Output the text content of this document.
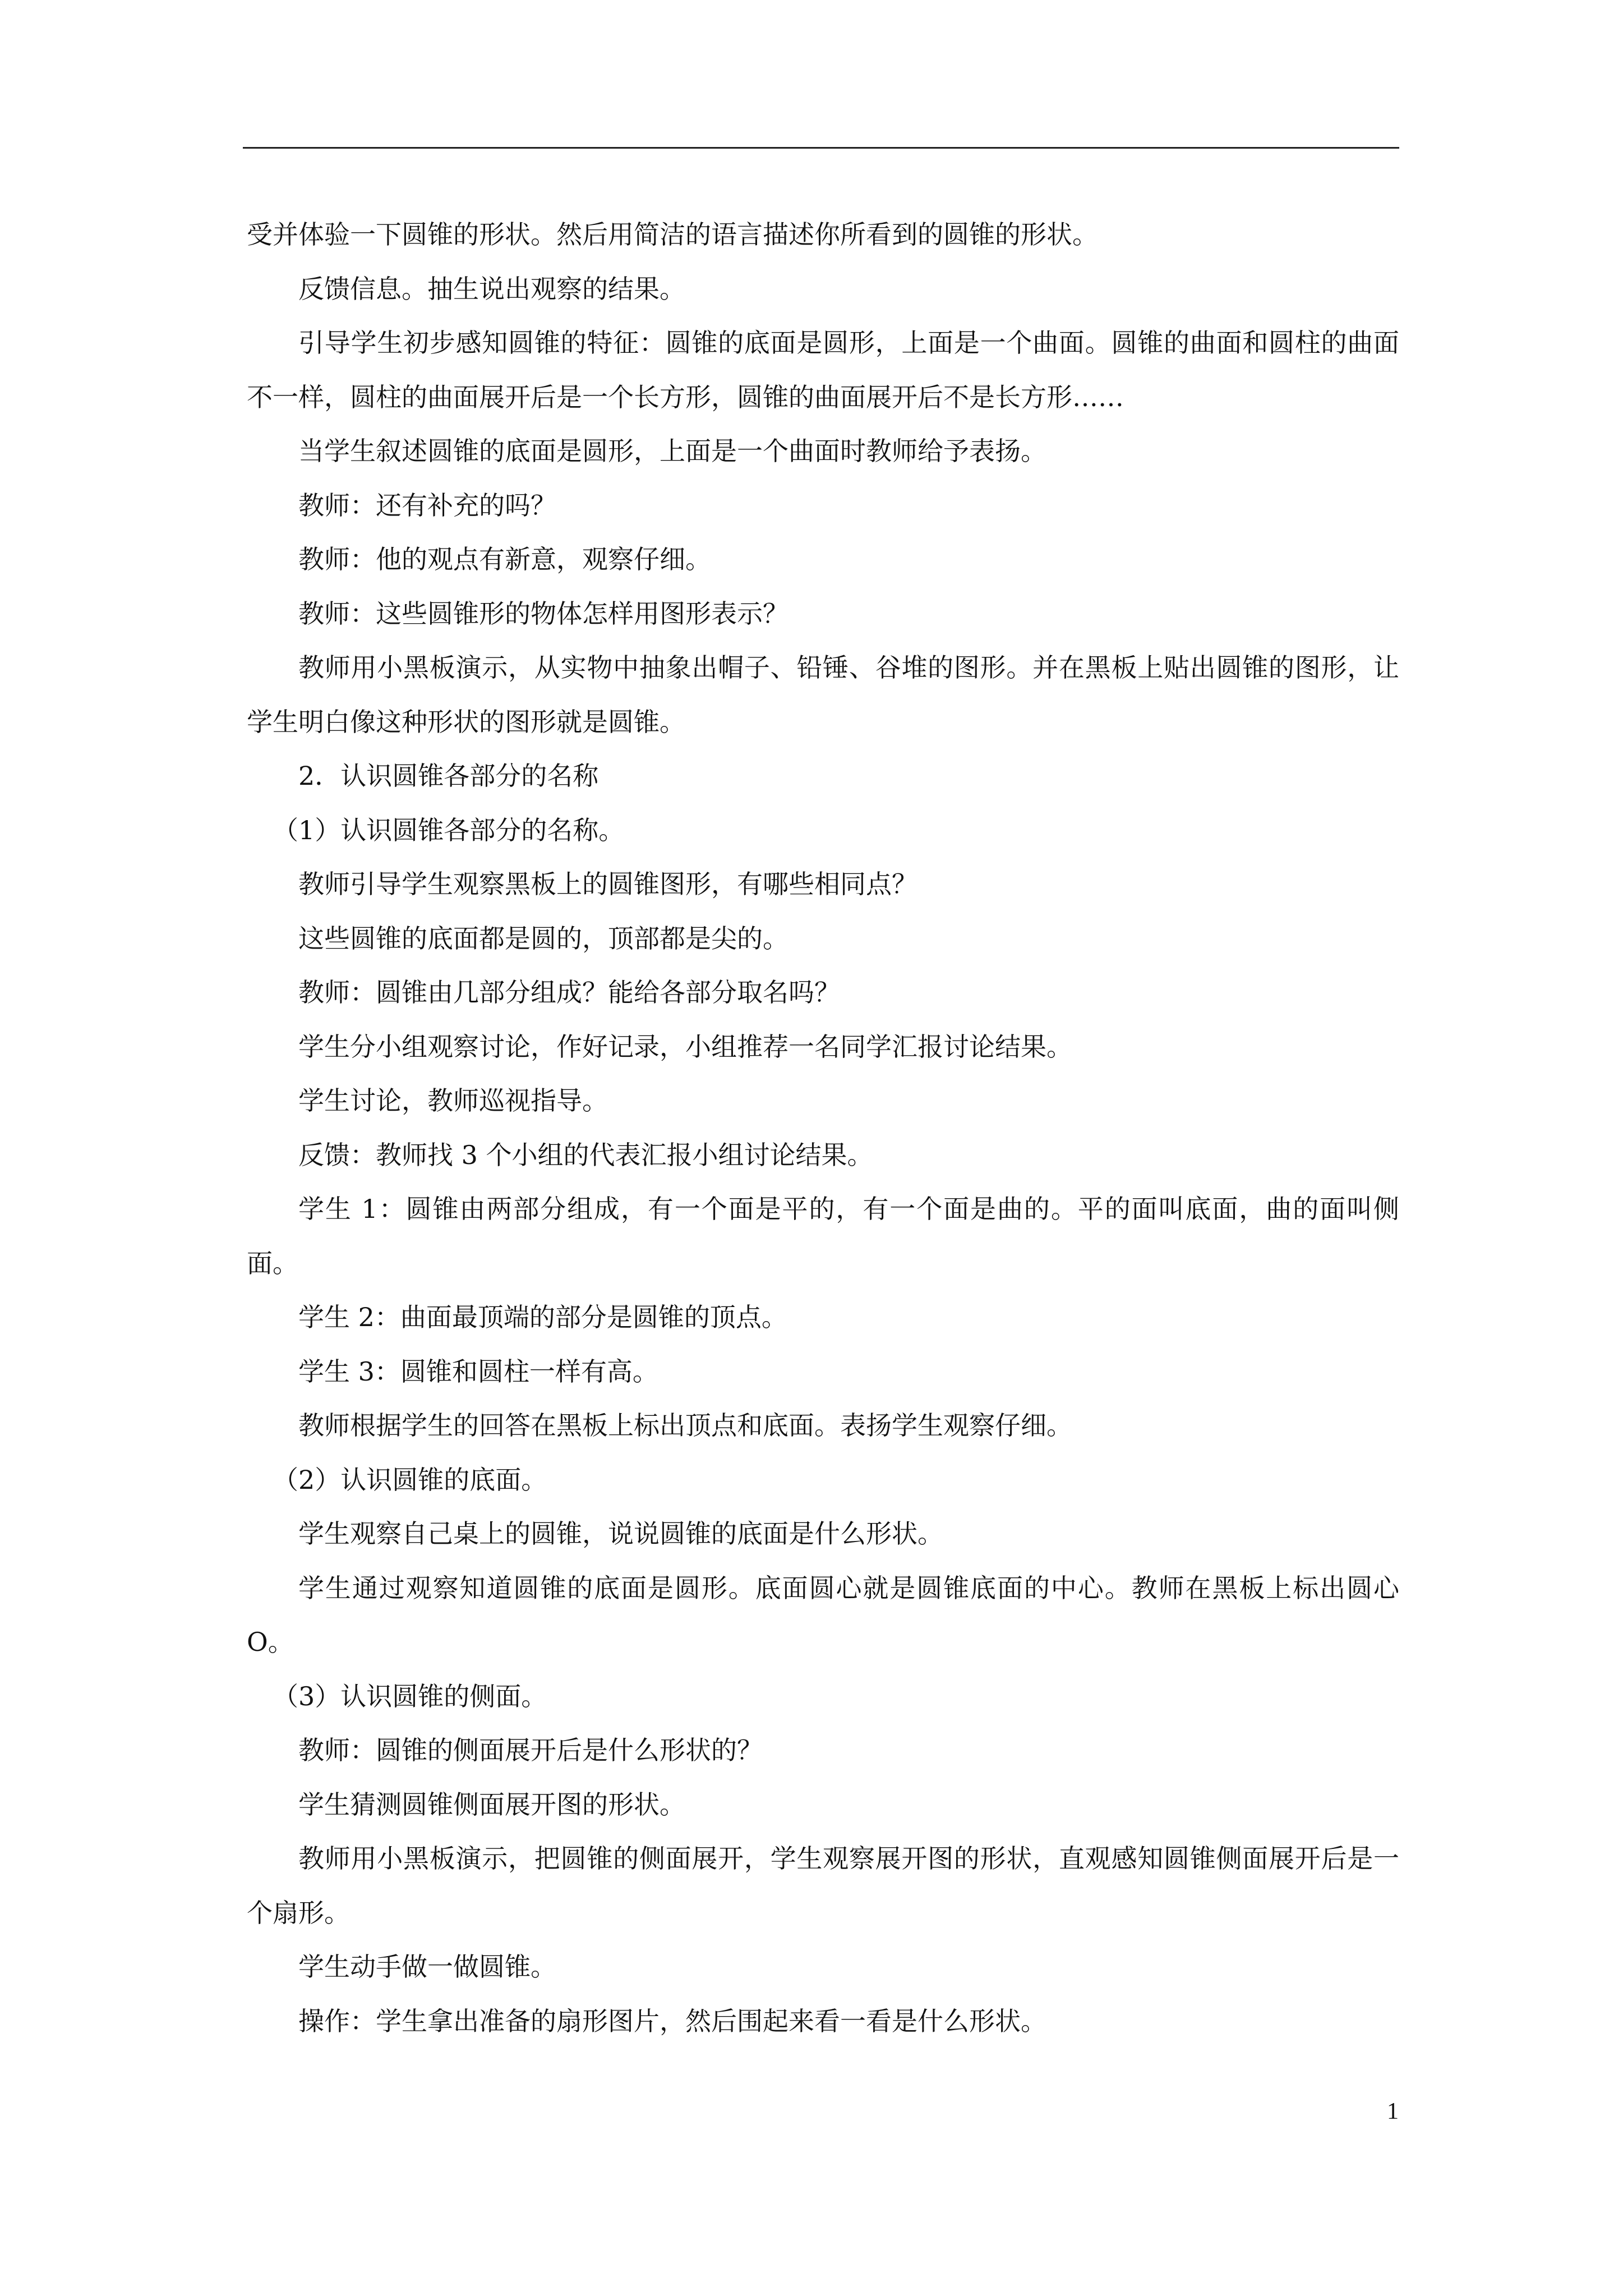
受并体验一下圆锥的形状。然后用简洁的语言描述你所看到的圆锥的形状。

反馈信息。抽生说出观察的结果。

引导学生初步感知圆锥的特征：圆锥的底面是圆形，上面是一个曲面。圆锥的曲面和圆柱的曲面不一样，圆柱的曲面展开后是一个长方形，圆锥的曲面展开后不是长方形……

当学生叙述圆锥的底面是圆形，上面是一个曲面时教师给予表扬。

教师：还有补充的吗？

教师：他的观点有新意，观察仔细。

教师：这些圆锥形的物体怎样用图形表示？

教师用小黑板演示，从实物中抽象出帽子、铅锤、谷堆的图形。并在黑板上贴出圆锥的图形，让学生明白像这种形状的图形就是圆锥。

2．认识圆锥各部分的名称

（1）认识圆锥各部分的名称。

教师引导学生观察黑板上的圆锥图形，有哪些相同点？

这些圆锥的底面都是圆的，顶部都是尖的。

教师：圆锥由几部分组成？能给各部分取名吗？

学生分小组观察讨论，作好记录，小组推荐一名同学汇报讨论结果。

学生讨论，教师巡视指导。

反馈：教师找 3 个小组的代表汇报小组讨论结果。

学生 1：圆锥由两部分组成，有一个面是平的，有一个面是曲的。平的面叫底面，曲的面叫侧面。

学生 2：曲面最顶端的部分是圆锥的顶点。

学生 3：圆锥和圆柱一样有高。

教师根据学生的回答在黑板上标出顶点和底面。表扬学生观察仔细。

（2）认识圆锥的底面。

学生观察自己桌上的圆锥，说说圆锥的底面是什么形状。

学生通过观察知道圆锥的底面是圆形。底面圆心就是圆锥底面的中心。教师在黑板上标出圆心 O。

（3）认识圆锥的侧面。

教师：圆锥的侧面展开后是什么形状的？

学生猜测圆锥侧面展开图的形状。

教师用小黑板演示，把圆锥的侧面展开，学生观察展开图的形状，直观感知圆锥侧面展开后是一个扇形。

学生动手做一做圆锥。

操作：学生拿出准备的扇形图片，然后围起来看一看是什么形状。

1
